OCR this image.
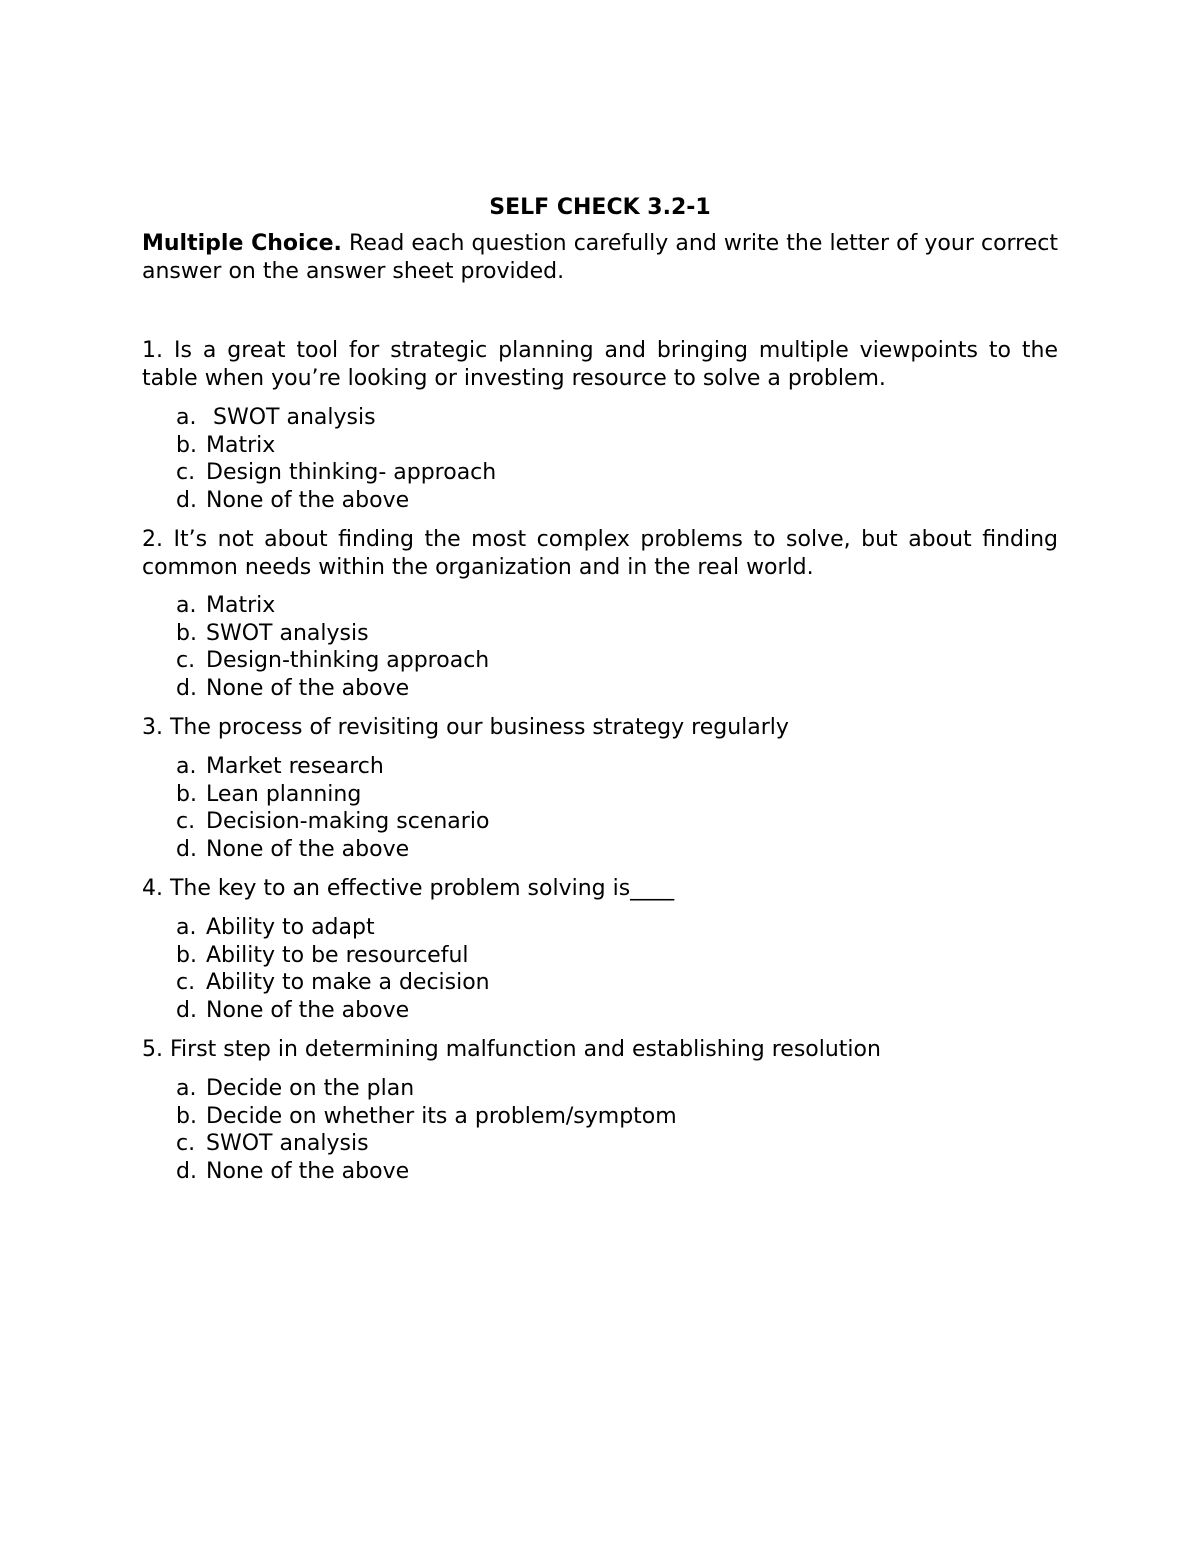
SELF CHECK 3.2-1
Multiple Choice. Read each question carefully and write the letter of your correct answer on the answer sheet provided.
1. Is a great tool for strategic planning and bringing multiple viewpoints to the table when you’re looking or investing resource to solve a problem.
a. SWOT analysis
b. Matrix
c. Design thinking- approach
d. None of the above
2. It’s not about finding the most complex problems to solve, but about finding common needs within the organization and in the real world.
a. Matrix
b. SWOT analysis
c. Design-thinking approach
d. None of the above
3. The process of revisiting our business strategy regularly
a. Market research
b. Lean planning
c. Decision-making scenario
d. None of the above
4. The key to an effective problem solving is____
a. Ability to adapt
b. Ability to be resourceful
c. Ability to make a decision
d. None of the above
5. First step in determining malfunction and establishing resolution
a. Decide on the plan
b. Decide on whether its a problem/symptom
c. SWOT analysis
d. None of the above
